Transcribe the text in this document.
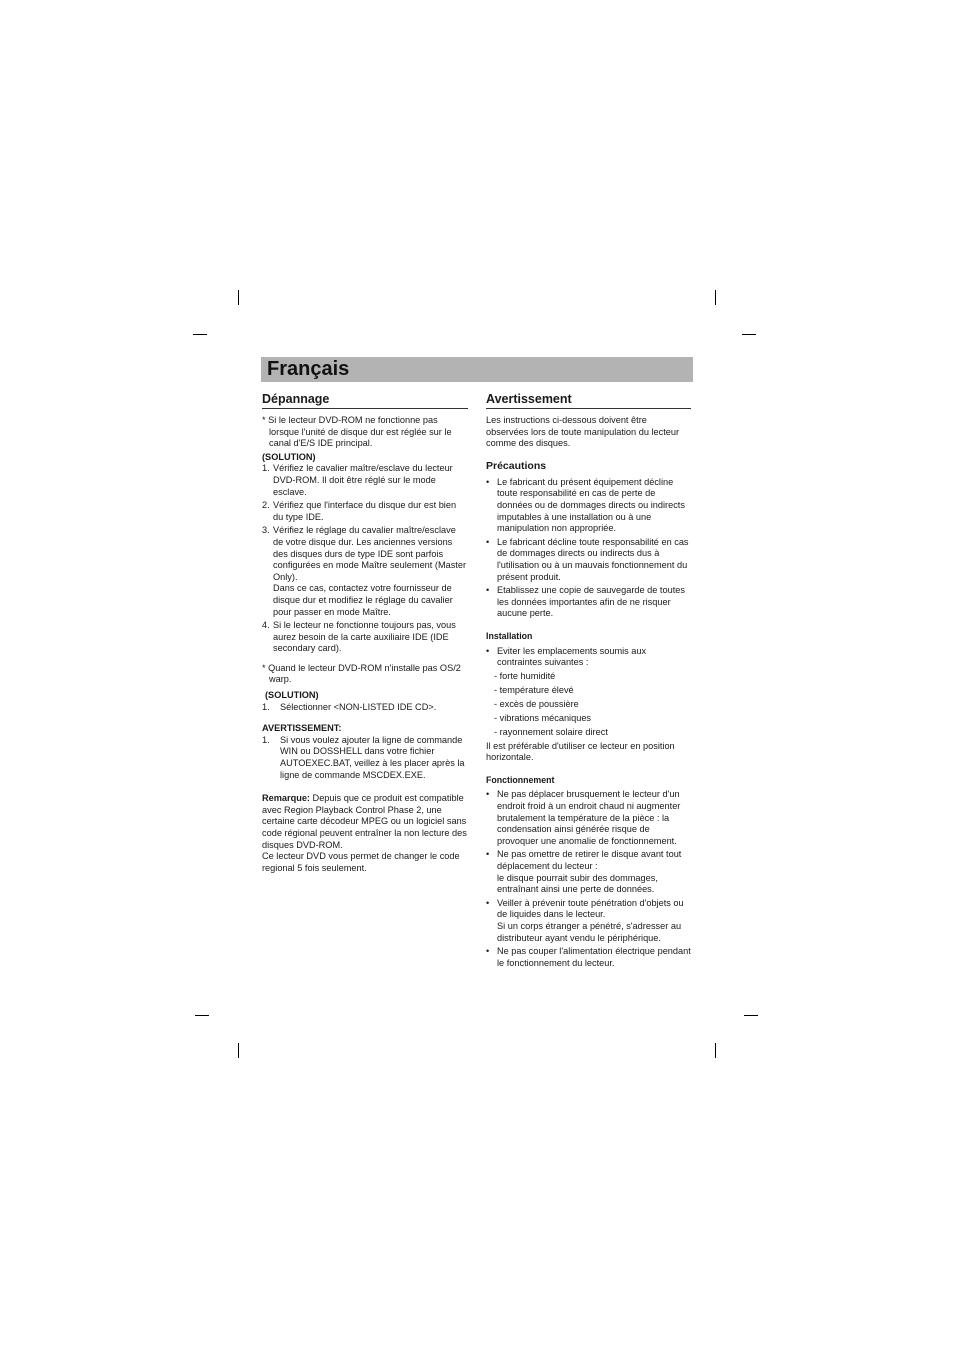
Français
Dépannage

* Si le lecteur DVD-ROM ne fonctionne pas lorsque l'unité de disque dur est réglée sur le canal d'E/S IDE principal.

(SOLUTION)

1. Vérifiez le cavalier maître/esclave du lecteur DVD-ROM. Il doit être réglé sur le mode esclave.
2. Vérifiez que l'interface du disque dur est bien du type IDE.
3. Vérifiez le réglage du cavalier maître/esclave de votre disque dur. Les anciennes versions des disques durs de type IDE sont parfois configurées en mode Maître seulement (Master Only).
Dans ce cas, contactez votre fournisseur de disque dur et modifiez le réglage du cavalier pour passer en mode Maître.
4. Si le lecteur ne fonctionne toujours pas, vous aurez besoin de la carte auxiliaire IDE (IDE secondary card).

* Quand le lecteur DVD-ROM n'installe pas OS/2 warp.

(SOLUTION)

1.	Sélectionner <NON-LISTED IDE CD>.

AVERTISSEMENT:

1.	Si vous voulez ajouter la ligne de commande WIN ou DOSSHELL dans votre fichier AUTOEXEC.BAT, veillez à les placer après la ligne de commande MSCDEX.EXE.

Remarque: Depuis que ce produit est compatible avec Region Playback Control Phase 2, une certaine carte décodeur MPEG ou un logiciel sans code régional peuvent entraîner la non lecture des disques DVD-ROM.
Ce lecteur DVD vous permet de changer le code regional 5 fois seulement.

Avertissement

Les instructions ci-dessous doivent être observées lors de toute manipulation du lecteur comme des disques.

Précautions
• Le fabricant du présent équipement décline toute responsabilité en cas de perte de données ou de dommages directs ou indirects imputables à une installation ou à une manipulation non appropriée.
• Le fabricant décline toute responsabilité en cas de dommages directs ou indirects dus à l'utilisation ou à un mauvais fonctionnement du présent produit.
• Etablissez une copie de sauvegarde de toutes les données importantes afin de ne risquer aucune perte.
Installation
• Eviter les emplacements soumis aux contraintes suivantes :

- forte humidité

- température élevé

- excès de poussière

- vibrations mécaniques

- rayonnement solaire direct

Il est préférable d'utiliser ce lecteur en position horizontale.

Fonctionnement
• Ne pas déplacer brusquement le lecteur d'un endroit froid à un endroit chaud ni augmenter brutalement la température de la pièce : la condensation ainsi générée risque de provoquer une anomalie de fonctionnement.
• Ne pas omettre de retirer le disque avant tout déplacement du lecteur :
le disque pourrait subir des dommages, entraînant ainsi une perte de données.
• Veiller à prévenir toute pénétration d'objets ou de liquides dans le lecteur.
Si un corps étranger a pénétré, s'adresser au distributeur ayant vendu le périphérique.
• Ne pas couper l'alimentation électrique pendant le fonctionnement du lecteur.
